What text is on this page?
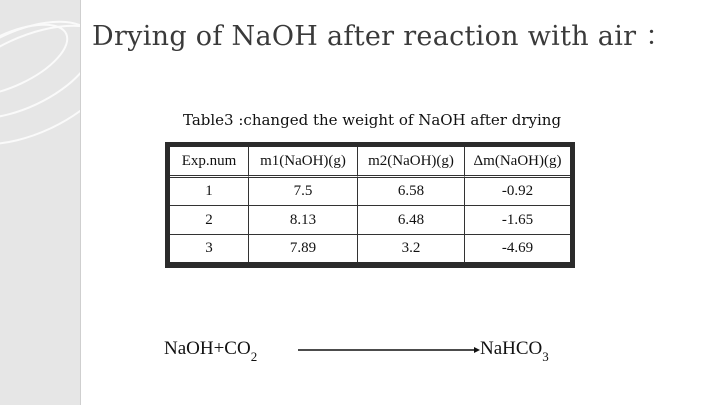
Drying of NaOH after reaction with air ：
Table3 :changed the weight of NaOH after drying
Exp.num	m1(NaOH)(g)	m2(NaOH)(g)	Δm(NaOH)(g)
1	7.5	6.58	-0.92
2	8.13	6.48	-1.65
3	7.89	3.2	-4.69
$NaOH+CO_2$	NaHCO$_3$
